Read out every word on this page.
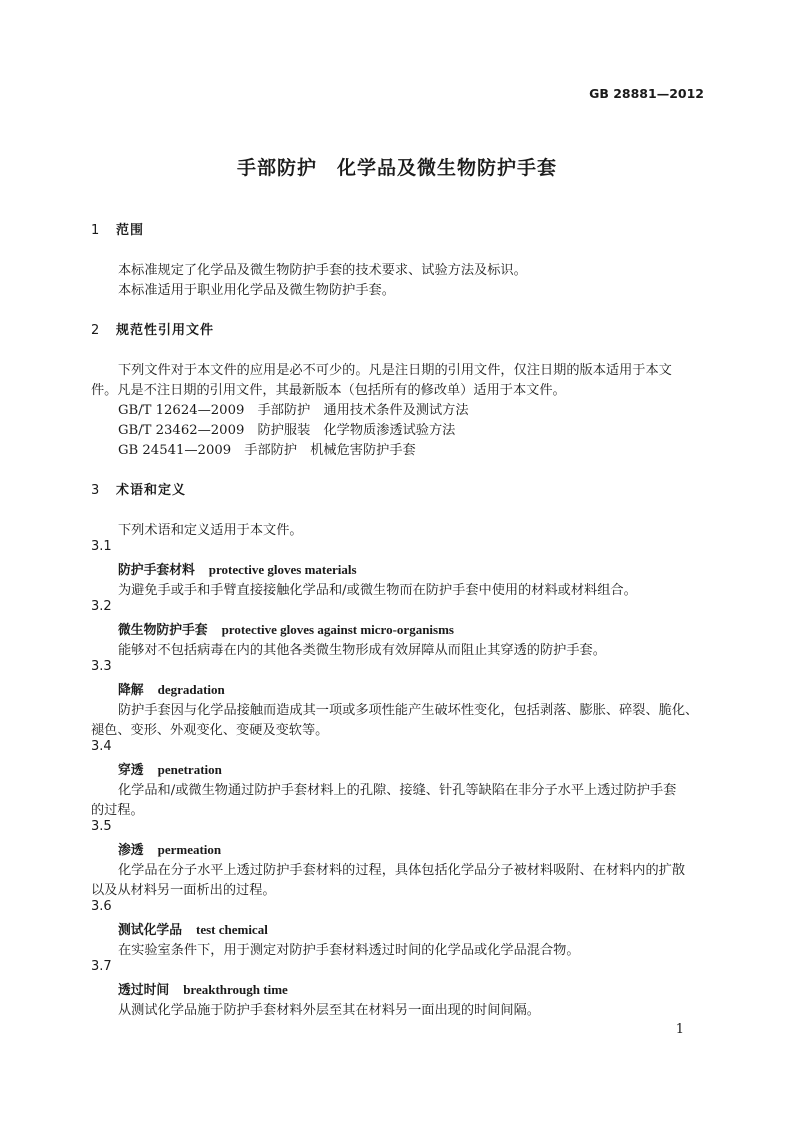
GB 28881—2012
手部防护　化学品及微生物防护手套
1 范围
本标准规定了化学品及微生物防护手套的技术要求、试验方法及标识。
本标准适用于职业用化学品及微生物防护手套。
2 规范性引用文件
下列文件对于本文件的应用是必不可少的。凡是注日期的引用文件，仅注日期的版本适用于本文
件。凡是不注日期的引用文件，其最新版本（包括所有的修改单）适用于本文件。
GB/T 12624—2009　手部防护　通用技术条件及测试方法
GB/T 23462—2009　防护服装　化学物质渗透试验方法
GB 24541—2009　手部防护　机械危害防护手套
3 术语和定义
下列术语和定义适用于本文件。
3.1
防护手套材料 protective gloves materials
为避免手或手和手臂直接接触化学品和/或微生物而在防护手套中使用的材料或材料组合。
3.2
微生物防护手套 protective gloves against micro-organisms
能够对不包括病毒在内的其他各类微生物形成有效屏障从而阻止其穿透的防护手套。
3.3
降解 degradation
防护手套因与化学品接触而造成其一项或多项性能产生破坏性变化，包括剥落、膨胀、碎裂、脆化、
褪色、变形、外观变化、变硬及变软等。
3.4
穿透 penetration
化学品和/或微生物通过防护手套材料上的孔隙、接缝、针孔等缺陷在非分子水平上透过防护手套
的过程。
3.5
渗透 permeation
化学品在分子水平上透过防护手套材料的过程，具体包括化学品分子被材料吸附、在材料内的扩散
以及从材料另一面析出的过程。
3.6
测试化学品 test chemical
在实验室条件下，用于测定对防护手套材料透过时间的化学品或化学品混合物。
3.7
透过时间 breakthrough time
从测试化学品施于防护手套材料外层至其在材料另一面出现的时间间隔。
1
